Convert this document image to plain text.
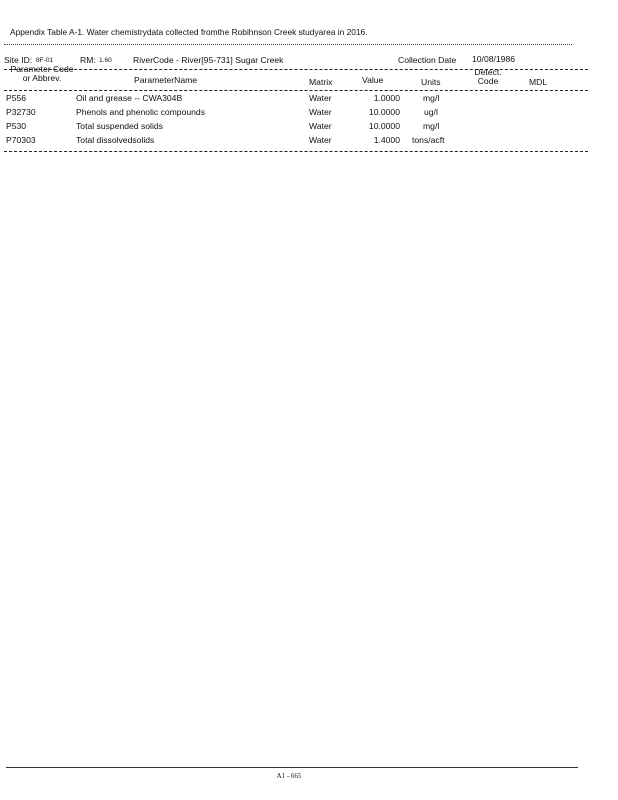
Appendix Table A-1. Water chemistrydata collected fromthe Robihnson Creek studyarea in 2016.
Site ID: 8F-01	RM: 1.60 RiverCode - River[95-731] Sugar Creek	Collection Date 10/08/1986
Parameter Code
or Abbrev.	ParameterName	Matrix	Value	Units
Detect.
Code	MDL
P556	Oil and grease -- CWA304B	Water	1.0000	mg/l
P32730	Phenols and phenolic compounds	Water	10.0000	ug/l
P530	Total suspended solids	Water	10.0000	mg/l
P70303	Total dissolvedsolids	Water	1.4000 tons/acft
A1 - 665
